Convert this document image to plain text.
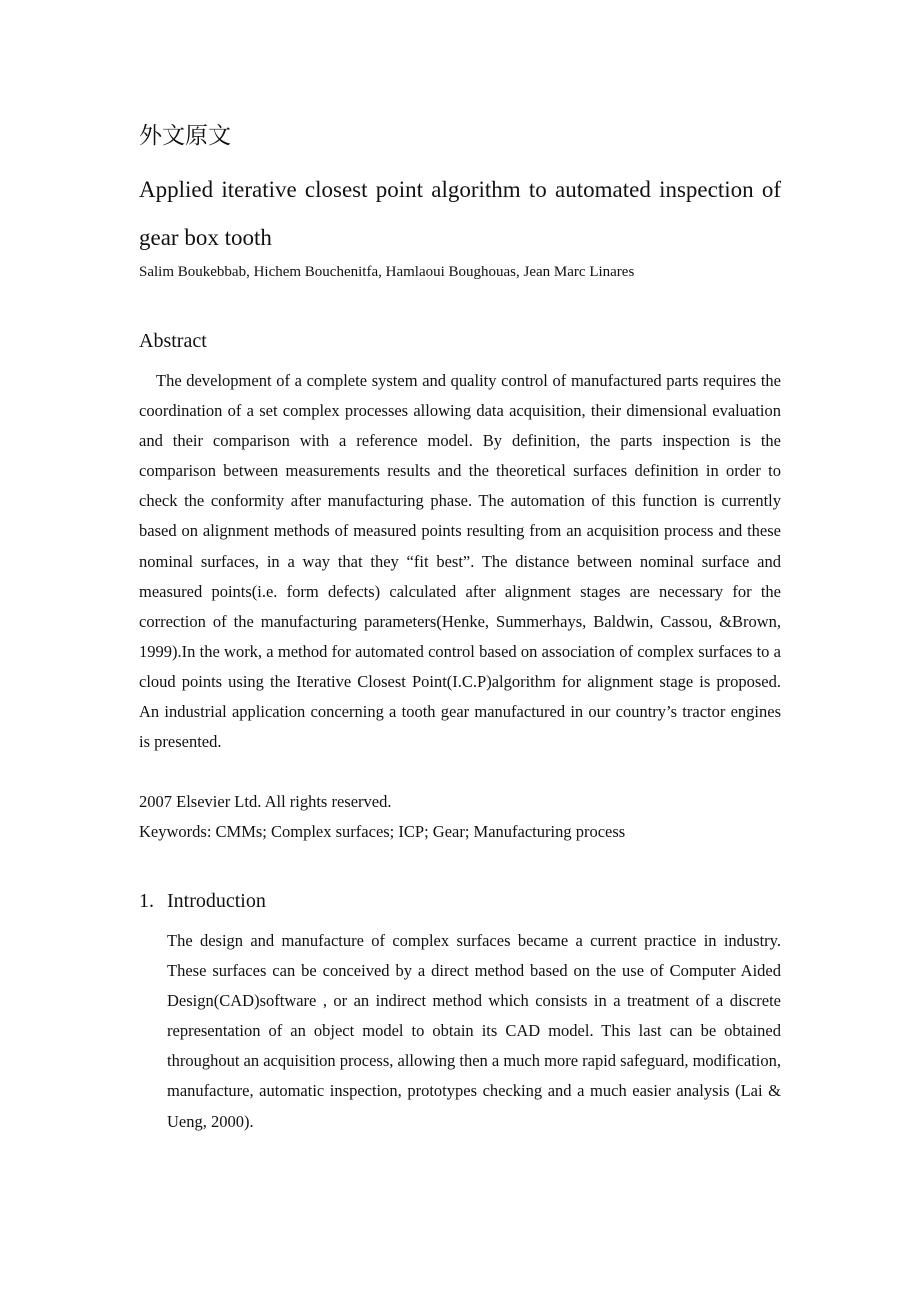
外文原文
Applied iterative closest point algorithm to automated inspection of gear box tooth

Salim Boukebbab, Hichem Bouchenitfa, Hamlaoui Boughouas, Jean Marc Linares

Abstract

The development of a complete system and quality control of manufactured parts requires the coordination of a set complex processes allowing data acquisition, their dimensional evaluation and their comparison with a reference model. By definition, the parts inspection is the comparison between measurements results and the theoretical surfaces definition in order to check the conformity after manufacturing phase. The automation of this function is currently based on alignment methods of measured points resulting from an acquisition process and these nominal surfaces, in a way that they “fit best”. The distance between nominal surface and measured points(i.e. form defects) calculated after alignment stages are necessary for the correction of the manufacturing parameters(Henke, Summerhays, Baldwin, Cassou, &Brown, 1999).In the work, a method for automated control based on association of complex surfaces to a cloud points using the Iterative Closest Point(I.C.P)algorithm for alignment stage is proposed. An industrial application concerning a tooth gear manufactured in our country’s tractor engines is presented.

2007 Elsevier Ltd. All rights reserved.

Keywords: CMMs; Complex surfaces; ICP; Gear; Manufacturing process

1. Introduction

The design and manufacture of complex surfaces became a current practice in industry. These surfaces can be conceived by a direct method based on the use of Computer Aided Design(CAD)software , or an indirect method which consists in a treatment of a discrete representation of an object model to obtain its CAD model. This last can be obtained throughout an acquisition process, allowing then a much more rapid safeguard, modification, manufacture, automatic inspection, prototypes checking and a much easier analysis (Lai & Ueng, 2000).
